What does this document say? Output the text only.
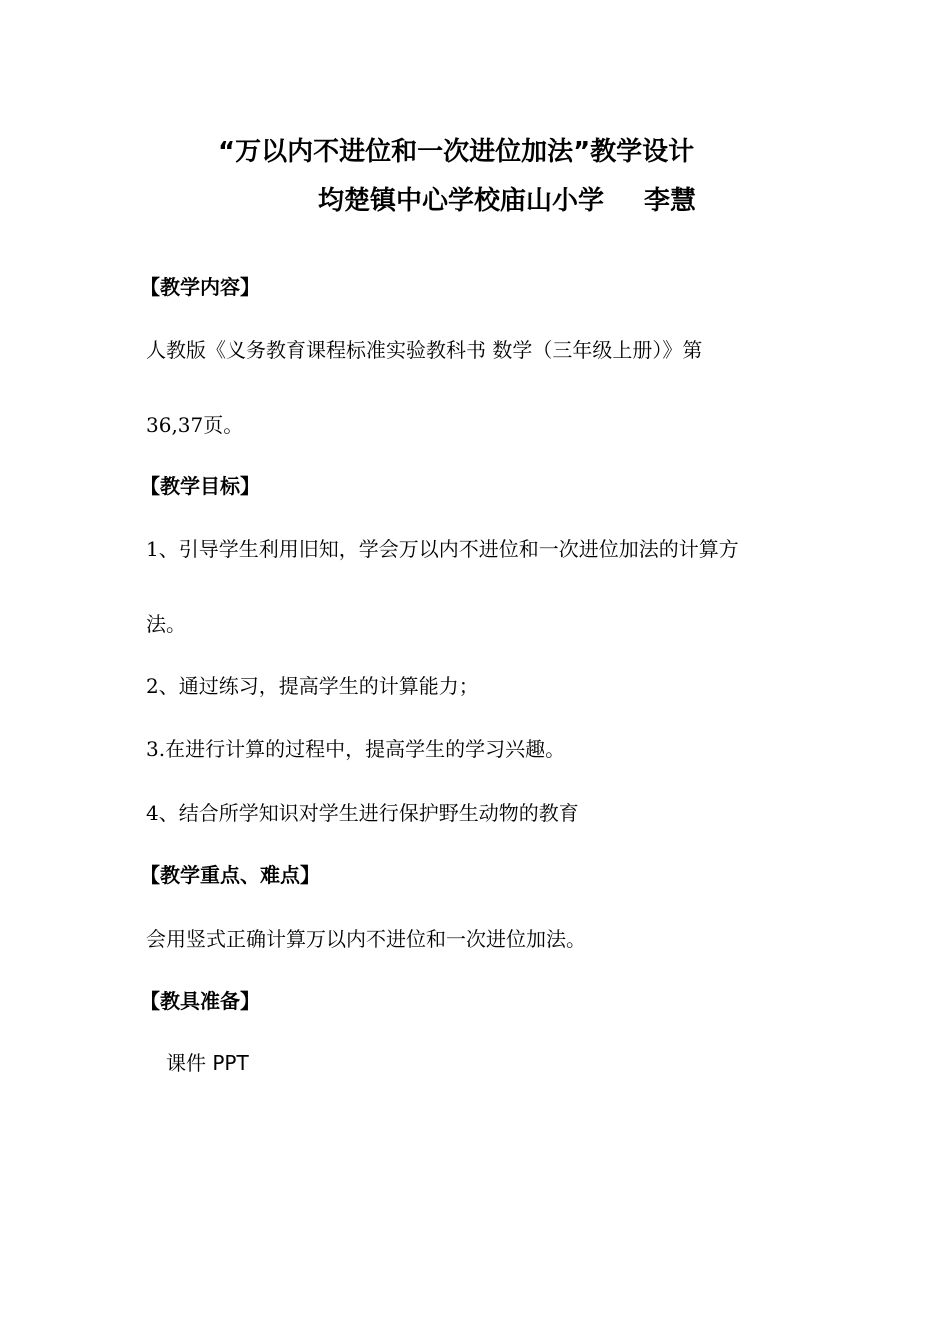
“万以内不进位和一次进位加法”教学设计
均楚镇中心学校庙山小学 李慧
【教学内容】
人教版《义务教育课程标准实验教科书 数学（三年级上册）》第
36,37页。
【教学目标】
1、引导学生利用旧知，学会万以内不进位和一次进位加法的计算方
法。
2、通过练习，提高学生的计算能力；
3.在进行计算的过程中，提高学生的学习兴趣。
4、结合所学知识对学生进行保护野生动物的教育
【教学重点、难点】
会用竖式正确计算万以内不进位和一次进位加法。
【教具准备】
课件 PPT
